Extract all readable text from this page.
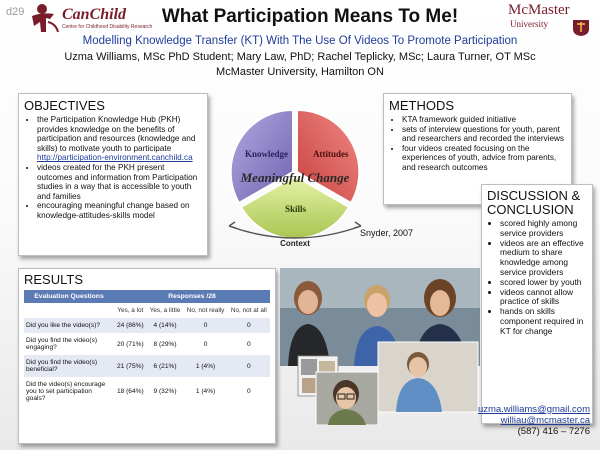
d29 CanChild
Centre for Childhood Disability Research What Participation Means To Me!	McMaster
University
Modelling Knowledge Transfer (KT) With The Use Of Videos To Promote Participation
Uzma Williams, MSc PhD Student; Mary Law, PhD; Rachel Teplicky, MSc; Laura Turner, OT MSc
McMaster University, Hamilton ON
OBJECTIVES
• the Participation Knowledge Hub (PKH) provides knowledge on the benefits of participation and resources (knowledge and skills) to motivate youth to participate
http://participation-environment.canchild.ca
• videos created for the PKH present outcomes and information from Participation studies in a way that is accessible to youth and families
• encouraging meaningful change based on knowledge-attitudes-skills model
Knowledge	Attitudes
Skills
Meaningful Change
Context
Snyder, 2007
METHODS
• KTA framework guided initiative
• sets of interview questions for youth, parent and researchers and recorded the interviews
• four videos created focusing on the experiences of youth, advice from parents, and research outcomes
RESULTS
Evaluation Questions	Responses /28			
	Yes, a lot	Yes, a little	No, not really	No, not at all
Did you like the video(s)?	24 (86%)	4 (14%)	0	0
Did you find the video(s) engaging?	20 (71%)	8 (29%)	0	0
Did you find the video(s) beneficial?	21 (75%)	6 (21%)	1 (4%)	0
Did the video(s) encourage you to set participation goals?	18 (64%)	9 (32%)	1 (4%)	0
DISCUSSION & CONCLUSION
• scored highly among service providers
• videos are an effective medium to share knowledge among service providers
• scored lower by youth
• videos cannot allow practice of skills
• hands on skills component required in KT for change
uzma.williams@gmail.com
williau@mcmaster.ca
(587) 416 – 7276
